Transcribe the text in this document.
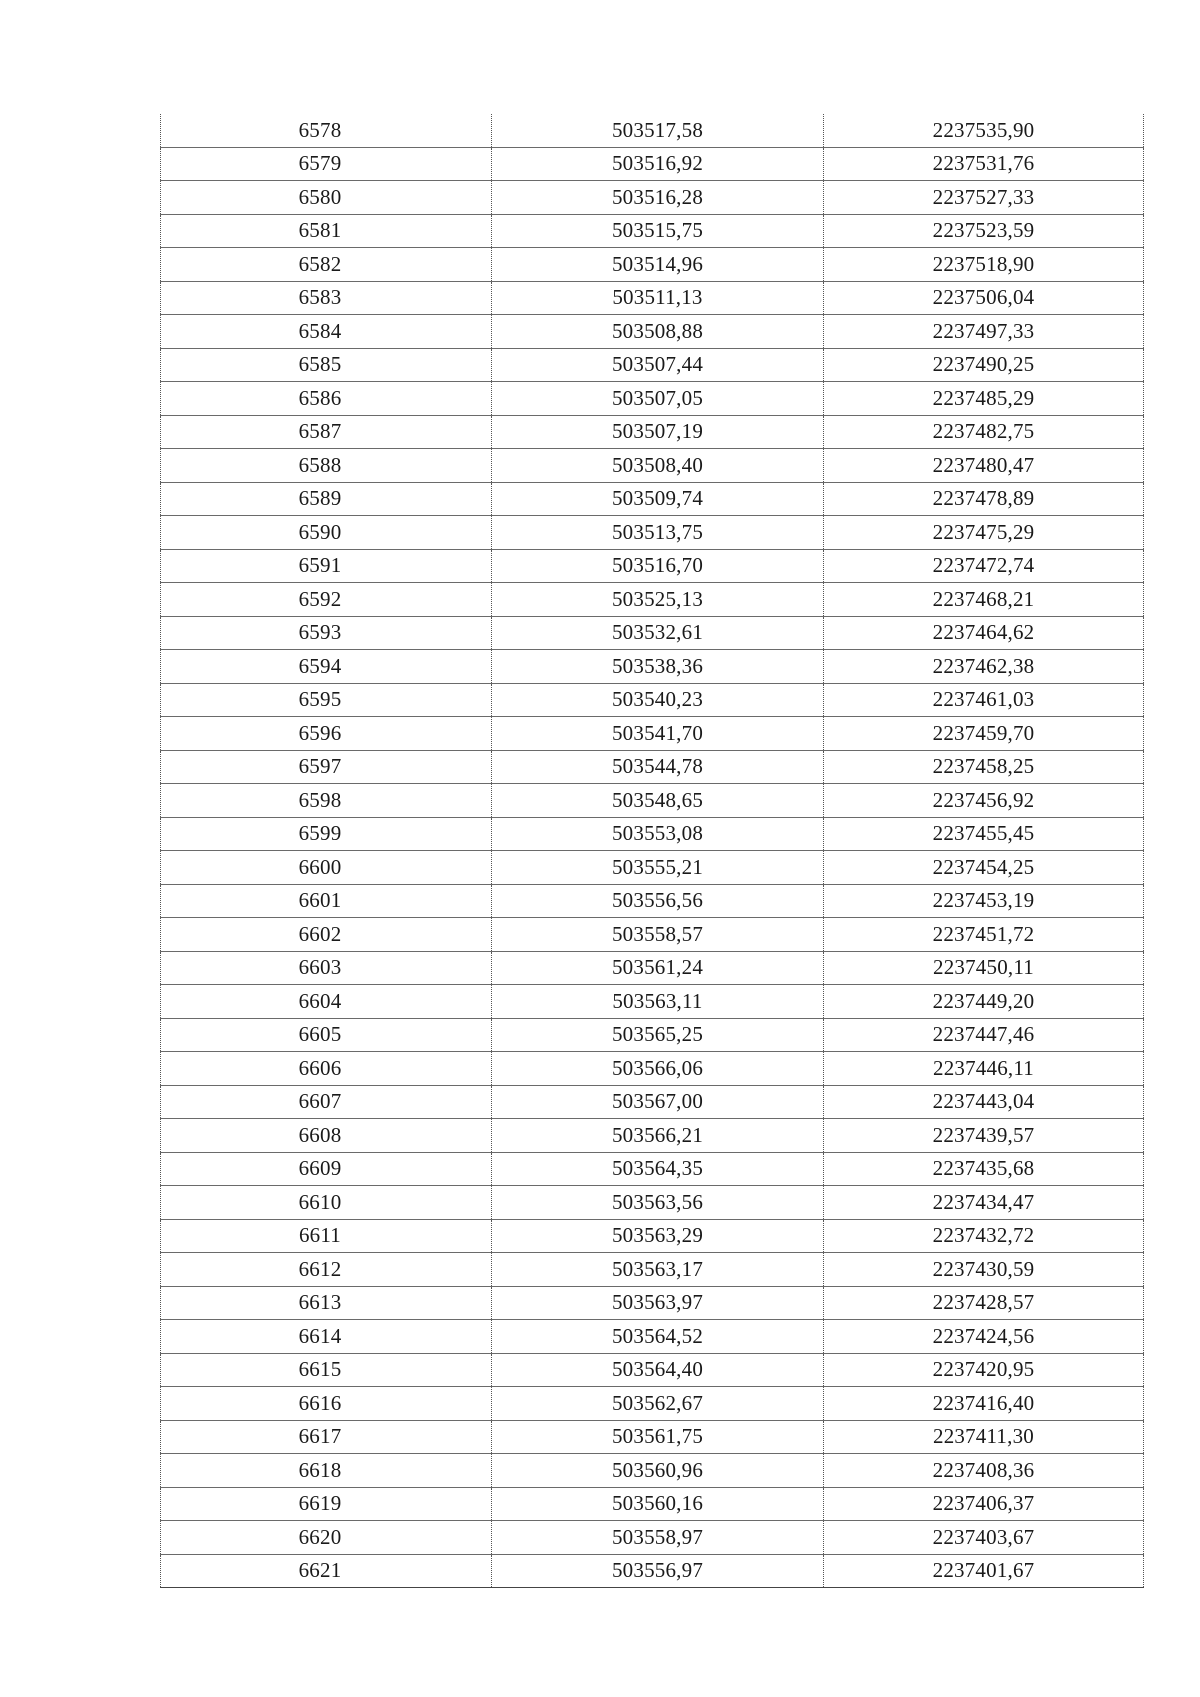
6578	503517,58	2237535,90
6579	503516,92	2237531,76
6580	503516,28	2237527,33
6581	503515,75	2237523,59
6582	503514,96	2237518,90
6583	503511,13	2237506,04
6584	503508,88	2237497,33
6585	503507,44	2237490,25
6586	503507,05	2237485,29
6587	503507,19	2237482,75
6588	503508,40	2237480,47
6589	503509,74	2237478,89
6590	503513,75	2237475,29
6591	503516,70	2237472,74
6592	503525,13	2237468,21
6593	503532,61	2237464,62
6594	503538,36	2237462,38
6595	503540,23	2237461,03
6596	503541,70	2237459,70
6597	503544,78	2237458,25
6598	503548,65	2237456,92
6599	503553,08	2237455,45
6600	503555,21	2237454,25
6601	503556,56	2237453,19
6602	503558,57	2237451,72
6603	503561,24	2237450,11
6604	503563,11	2237449,20
6605	503565,25	2237447,46
6606	503566,06	2237446,11
6607	503567,00	2237443,04
6608	503566,21	2237439,57
6609	503564,35	2237435,68
6610	503563,56	2237434,47
6611	503563,29	2237432,72
6612	503563,17	2237430,59
6613	503563,97	2237428,57
6614	503564,52	2237424,56
6615	503564,40	2237420,95
6616	503562,67	2237416,40
6617	503561,75	2237411,30
6618	503560,96	2237408,36
6619	503560,16	2237406,37
6620	503558,97	2237403,67
6621	503556,97	2237401,67
